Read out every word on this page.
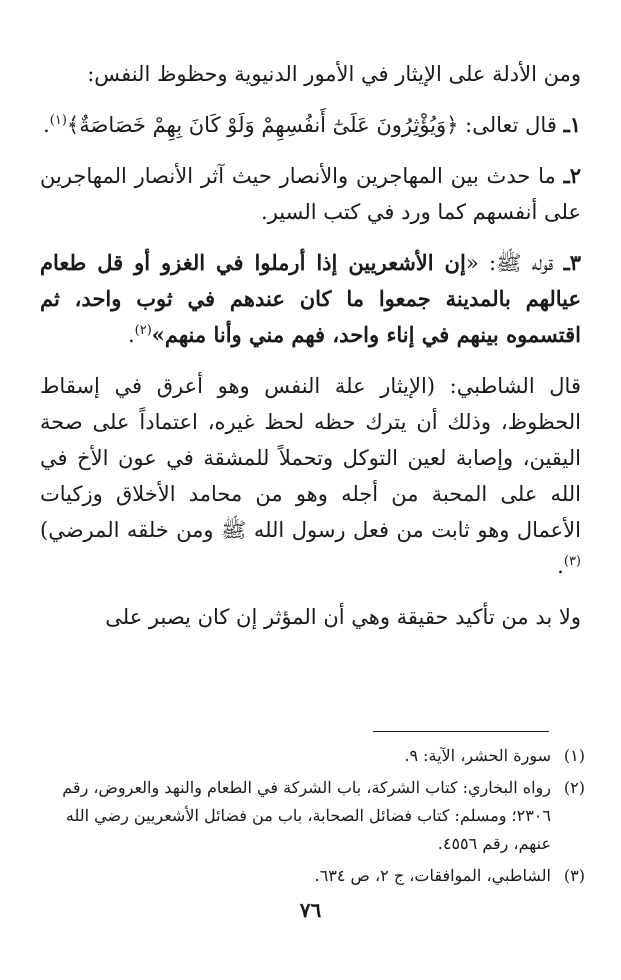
ومن الأدلة على الإيثار في الأمور الدنيوية وحظوظ النفس:

١ـ قال تعالى: ﴿وَيُؤْثِرُونَ عَلَىٰٓ أَنفُسِهِمْ وَلَوْ كَانَ بِهِمْ خَصَاصَةٌ﴾$^{(١)}$.

٢ـ ما حدث بين المهاجرين والأنصار حيث آثر الأنصار المهاجرين على أنفسهم كما ورد في كتب السير.

٣ـ قوله ﷺ: «إن الأشعريين إذا أرملوا في الغزو أو قل طعام عيالهم بالمدينة جمعوا ما كان عندهم في ثوب واحد، ثم اقتسموه بينهم في إناء واحد، فهم مني وأنا منهم»$^{(٢)}$.

قال الشاطبي: (الإيثار علة النفس وهو أعرق في إسقاط الحظوظ، وذلك أن يترك حظه لحظ غيره، اعتماداً على صحة اليقين، وإصابة لعين التوكل وتحملاً للمشقة في عون الأخ في الله على المحبة من أجله وهو من محامد الأخلاق وزكيات الأعمال وهو ثابت من فعل رسول الله ﷺ ومن خلقه المرضي)$^{(٣)}$.

ولا بد من تأكيد حقيقة وهي أن المؤثر إن كان يصبر على

(١)
سورة الحشر، الآية: ٩.

(٢)
رواه البخاري: كتاب الشركة، باب الشركة في الطعام والنهد والعروض، رقم ٢٣٠٦؛ ومسلم: كتاب فضائل الصحابة، باب من فضائل الأشعريين رضي الله عنهم، رقم ٤٥٥٦.

(٣)
الشاطبي، الموافقات، ج ٢، ص ٦٣٤.

٧٦
